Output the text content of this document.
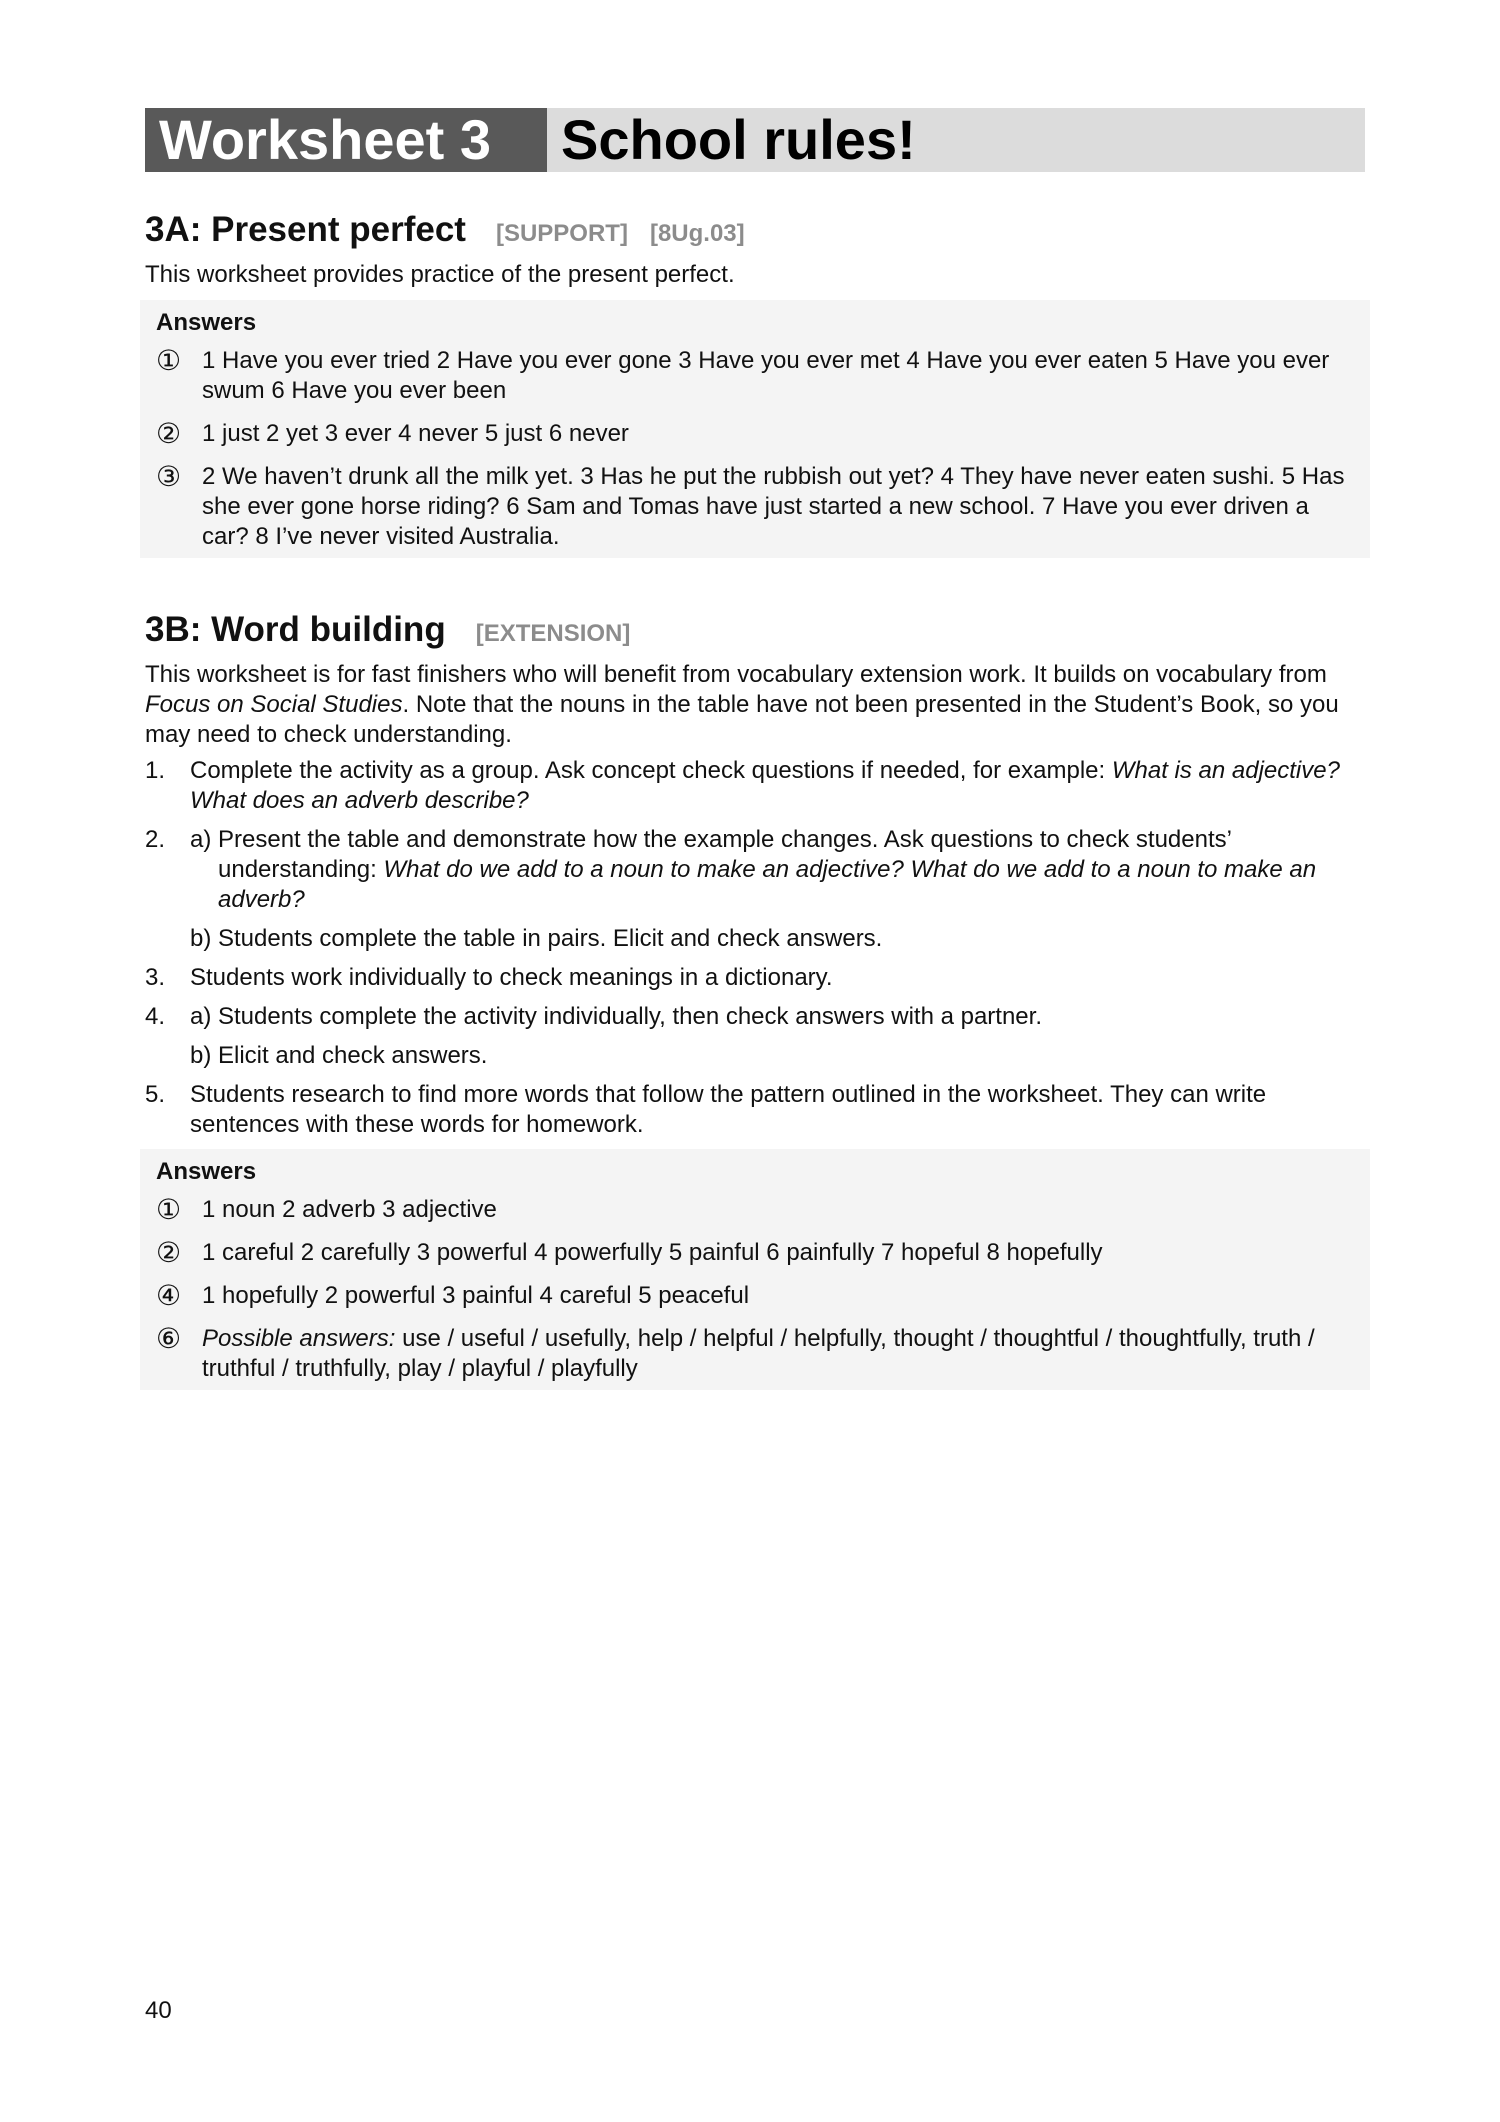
Worksheet 3	School rules!
3A: Present perfect [SUPPORT] [8Ug.03]
This worksheet provides practice of the present perfect.
Answers
① 1 Have you ever tried 2 Have you ever gone 3 Have you ever met 4 Have you ever eaten 5 Have you ever swum 6 Have you ever been
② 1 just 2 yet 3 ever 4 never 5 just 6 never
③ 2 We haven’t drunk all the milk yet. 3 Has he put the rubbish out yet? 4 They have never eaten sushi. 5 Has she ever gone horse riding? 6 Sam and Tomas have just started a new school. 7 Have you ever driven a car? 8 I’ve never visited Australia.
3B: Word building [EXTENSION]
This worksheet is for fast finishers who will benefit from vocabulary extension work. It builds on vocabulary from Focus on Social Studies. Note that the nouns in the table have not been presented in the Student’s Book, so you may need to check understanding.
1.	Complete the activity as a group. Ask concept check questions if needed, for example: What is an adjective? What does an adverb describe?
2.	a) Present the table and demonstrate how the example changes. Ask questions to check students’ understanding: What do we add to a noun to make an adjective? What do we add to a noun to make an adverb?
b) Students complete the table in pairs. Elicit and check answers.
3.	Students work individually to check meanings in a dictionary.
4.	a) Students complete the activity individually, then check answers with a partner.
b) Elicit and check answers.
5.	Students research to find more words that follow the pattern outlined in the worksheet. They can write sentences with these words for homework.
Answers
① 1 noun 2 adverb 3 adjective
② 1 careful 2 carefully 3 powerful 4 powerfully 5 painful 6 painfully 7 hopeful 8 hopefully
④ 1 hopefully 2 powerful 3 painful 4 careful 5 peaceful
⑥ Possible answers: use / useful / usefully, help / helpful / helpfully, thought / thoughtful / thoughtfully, truth / truthful / truthfully, play / playful / playfully
40
